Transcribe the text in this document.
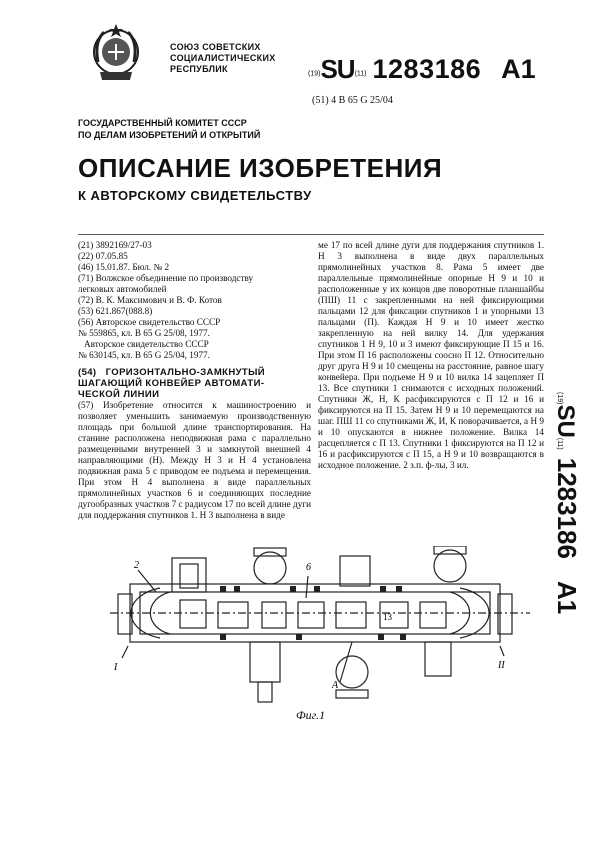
СОЮЗ СОВЕТСКИХ
СОЦИАЛИСТИЧЕСКИХ
РЕСПУБЛИК	(19)SU(11) 1283186 A1
(51) 4 B 65 G 25/04
ГОСУДАРСТВЕННЫЙ КОМИТЕТ СССР
ПО ДЕЛАМ ИЗОБРЕТЕНИЙ И ОТКРЫТИЙ
ОПИСАНИЕ ИЗОБРЕТЕНИЯ
К АВТОРСКОМУ СВИДЕТЕЛЬСТВУ

(21) 3892169/27-03

(22) 07.05.85

(46) 15.01.87. Бюл. № 2

(71) Волжское объединение по производству

легковых автомобилей

(72) В. К. Максимович и В. Ф. Котов

(53) 621.867(088.8)

(56) Авторское свидетельство СССР

№ 559865, кл. B 65 G 25/08, 1977.

Авторское свидетельство СССР

№ 630145, кл. B 65 G 25/04, 1977.

(54) ГОРИЗОНТАЛЬНО-ЗАМКНУТЫЙ
ШАГАЮЩИЙ КОНВЕЙЕР АВТОМАТИ-
ЧЕСКОЙ ЛИНИИ

(57) Изобретение относится к машиностроению и позволяет уменьшить занимаемую производственную площадь при большой длине транспортирования. На станине расположена неподвижная рама с параллельно размещенными внутренней 3 и замкнутой внешней 4 направляющими (Н). Между Н 3 и Н 4 установлена подвижная рама 5 с приводом ее подъема и перемещения. При этом Н 4 выполнена в виде параллельных прямолинейных участков 6 и соединяющих последние дугообразных участков 7 с радиусом 17 по всей длине дуги для поддержания спутников 1. Н 3 выполнена в виде

ме 17 по всей длине дуги для поддержания спутников 1. Н 3 выполнена в виде двух параллельных прямолинейных участков 8. Рама 5 имеет две параллельные прямолинейные опорные Н 9 и 10 и расположенные у их концов две поворотные планшайбы (ПШ) 11 с закрепленными на ней фиксирующими пальцами 12 для фиксации спутников 1 и упорными 13 пальцами (П). Каждая Н 9 и 10 имеет жестко закрепленную на ней вилку 14. Для удержания спутников 1 Н 9, 10 и 3 имеют фиксирующие П 15 и 16. При этом П 16 расположены соосно П 12. Относительно друг друга Н 9 и 10 смещены на расстояние, равное шагу конвейера. При подъеме Н 9 и 10 вилка 14 зацепляет П 13. Все спутники 1 снимаются с исходных положений. Спутники Ж, Н, К расфиксируются с П 12 и 16 и фиксируются на П 15. Затем Н 9 и 10 перемещаются на шаг. ПШ 11 со спутниками Ж, И, К поворачивается, а Н 9 и 10 опускаются в нижнее положение. Вилка 14 расцепляется с П 13. Спутники 1 фиксируются на П 12 и 16 и расфиксируются с П 15, а Н 9 и 10 возвращаются в исходное положение. 2 з.п. ф-лы, 3 ил.

(19)SU(11)1283186A1
2
I	II
6
A
13
Фиг.1
